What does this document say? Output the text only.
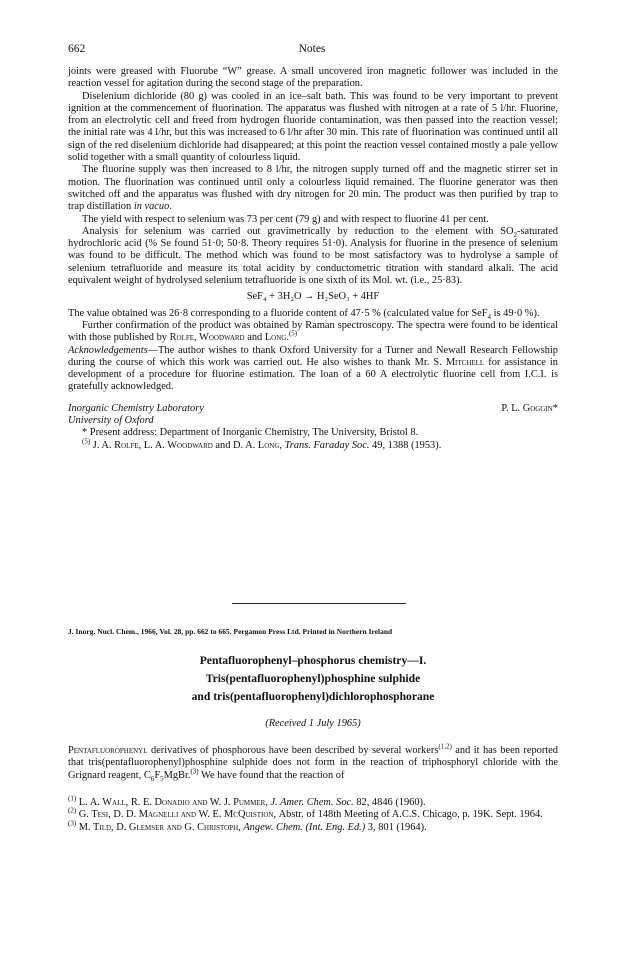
662	Notes

joints were greased with Fluorube “W” grease. A small uncovered iron magnetic follower was included in the reaction vessel for agitation during the second stage of the preparation.

Diselenium dichloride (80 g) was cooled in an ice–salt bath. This was found to be very important to prevent ignition at the commencement of fluorination. The apparatus was flushed with nitrogen at a rate of 5 l/hr. Fluorine, from an electrolytic cell and freed from hydrogen fluoride contamination, was then passed into the reaction vessel; the initial rate was 4 l/hr, but this was increased to 6 l/hr after 30 min. This rate of fluorination was continued until all sign of the red diselenium dichloride had disappeared; at this point the reaction vessel contained mostly a pale yellow solid together with a small quantity of colourless liquid.

The fluorine supply was then increased to 8 l/hr, the nitrogen supply turned off and the magnetic stirrer set in motion. The fluorination was continued until only a colourless liquid remained. The fluorine generator was then switched off and the apparatus was flushed with dry nitrogen for 20 min. The product was then purified by trap to trap distillation in vacuo.

The yield with respect to selenium was 73 per cent (79 g) and with respect to fluorine 41 per cent.

Analysis for selenium was carried out gravimetrically by reduction to the element with $SO_2$-saturated hydrochloric acid (% Se found 51·0; 50·8. Theory requires 51·0). Analysis for fluorine in the presence of selenium was found to be difficult. The method which was found to be most satisfactory was to hydrolyse a sample of selenium tetrafluoride and measure its total acidity by conductometric titration with standard alkali. The acid equivalent weight of hydrolysed selenium tetrafluoride is one sixth of its Mol. wt. (i.e., 25·83).

SeF₄ + 3H₂O → H₂SeO₃ + 4HF

The value obtained was 26·8 corresponding to a fluoride content of 47·5 % (calculated value for SeF$_4$ is 49·0 %).

Further confirmation of the product was obtained by Raman spectroscopy. The spectra were found to be identical with those published by Rolfe, Woodward and Long.$^{(5)}$

Acknowledgements—The author wishes to thank Oxford University for a Turner and Newall Research Fellowship during the course of which this work was carried out. He also wishes to thank Mr. S. Mitchell for assistance in development of a procedure for fluorine estimation. The loan of a 60 A electrolytic fluorine cell from I.C.I. is gratefully acknowledged.

Inorganic Chemistry Laboratory
University of Oxford
P. L. Goggin*

* Present address: Department of Inorganic Chemistry, The University, Bristol 8.

$^{(5)}$ J. A. Rolfe, L. A. Woodward and D. A. Long, Trans. Faraday Soc. 49, 1388 (1953).

J. Inorg. Nucl. Chem., 1966, Vol. 28, pp. 662 to 665. Pergamon Press Ltd. Printed in Northern Ireland
Pentafluorophenyl–phosphorus chemistry—I.
Tris(pentafluorophenyl)phosphine sulphide
and tris(pentafluorophenyl)dichlorophosphorane
(Received 1 July 1965)
Pentafluorophenyl derivatives of phosphorous have been described by several workers$^{(1,2)}$ and it has been reported that tris(pentafluorophenyl)phosphine sulphide does not form in the reaction of triphosphoryl chloride with the Grignard reagent, $C_6F_5MgBr.^{(3)}$ We have found that the reaction of
$^{(1)}$ L. A. Wall, R. E. Donadio and W. J. Pummer, J. Amer. Chem. Soc. 82, 4846 (1960).
$^{(2)}$ G. Tesi, D. D. Magnelli and W. E. McQuistion, Abstr. of 148th Meeting of A.C.S. Chicago, p. 19K. Sept. 1964.
$^{(3)}$ M. Tild, D. Glemser and G. Christoph, Angew. Chem. (Int. Eng. Ed.) 3, 801 (1964).
